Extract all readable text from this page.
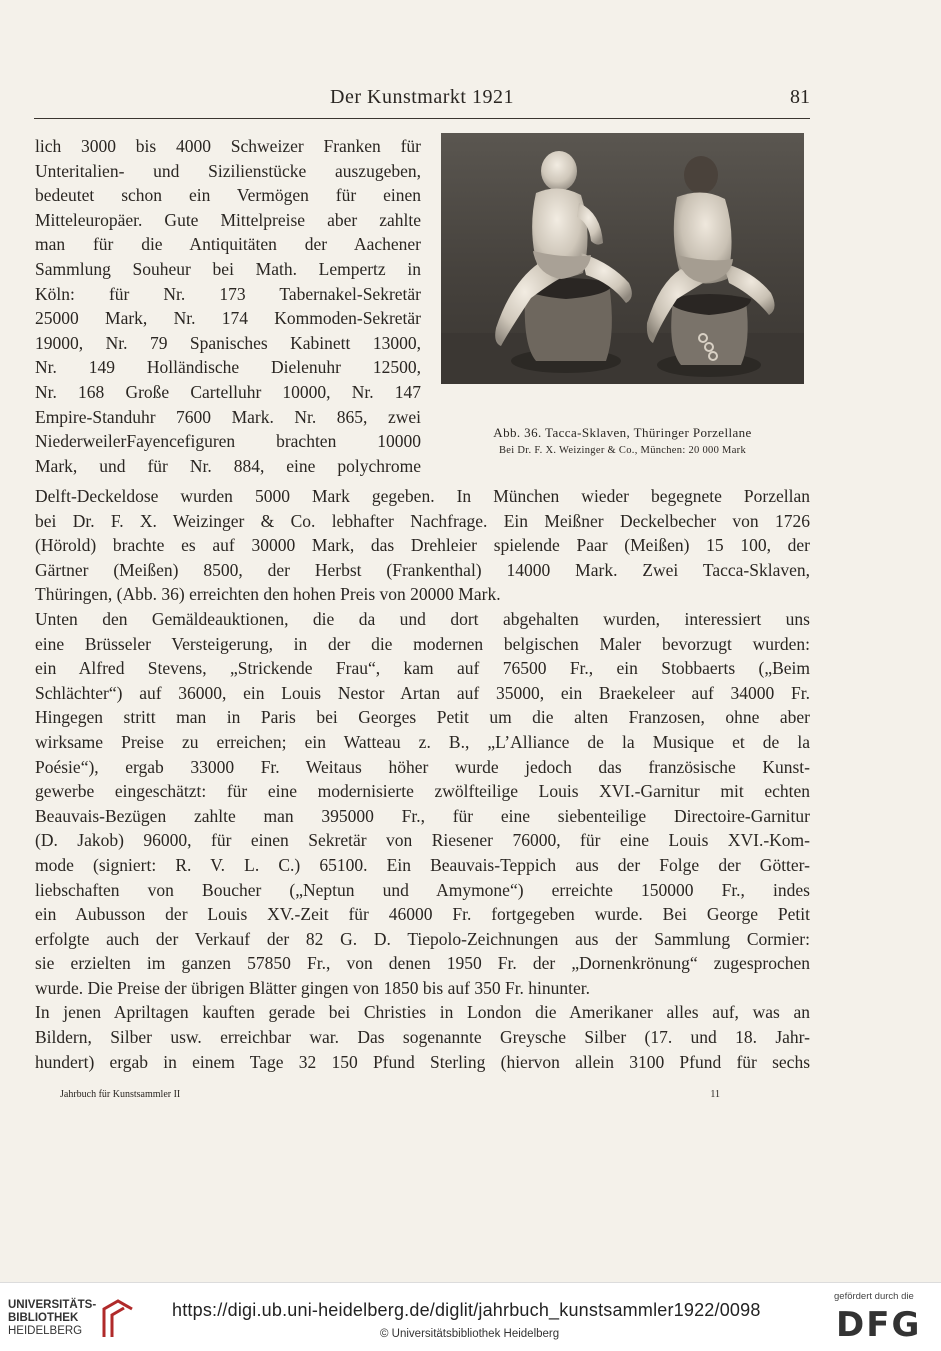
Der Kunstmarkt 1921	81
lich 3000 bis 4000 Schweizer Franken für
Unteritalien- und Sizilienstücke auszugeben,
bedeutet schon ein Vermögen für einen
Mitteleuropäer. Gute Mittelpreise aber zahlte
man für die Antiquitäten der Aachener
Sammlung Souheur bei Math. Lempertz in
Köln: für Nr. 173 Tabernakel-Sekretär
25000 Mark, Nr. 174 Kommoden-Sekretär
19000, Nr. 79 Spanisches Kabinett 13000,
Nr. 149 Holländische Dielenuhr 12500,
Nr. 168 Große Cartelluhr 10000, Nr. 147
Empire-Standuhr 7600 Mark. Nr. 865, zwei
NiederweilerFayencefiguren brachten 10000
Mark, und für Nr. 884, eine polychrome
Abb. 36. Tacca-Sklaven, Thüringer Porzellane
Bei Dr. F. X. Weizinger & Co., München: 20 000 Mark
Delft-Deckeldose wurden 5000 Mark gegeben. In München wieder begegnete Porzellan
bei Dr. F. X. Weizinger & Co. lebhafter Nachfrage. Ein Meißner Deckelbecher von 1726
(Hörold) brachte es auf 30000 Mark, das Drehleier spielende Paar (Meißen) 15 100, der
Gärtner (Meißen) 8500, der Herbst (Frankenthal) 14000 Mark. Zwei Tacca-Sklaven,
Thüringen, (Abb. 36) erreichten den hohen Preis von 20000 Mark.
Unten den Gemäldeauktionen, die da und dort abgehalten wurden, interessiert uns
eine Brüsseler Versteigerung, in der die modernen belgischen Maler bevorzugt wurden:
ein Alfred Stevens, „Strickende Frau“, kam auf 76500 Fr., ein Stobbaerts („Beim
Schlächter“) auf 36000, ein Louis Nestor Artan auf 35000, ein Braekeleer auf 34000 Fr.
Hingegen stritt man in Paris bei Georges Petit um die alten Franzosen, ohne aber
wirksame Preise zu erreichen; ein Watteau z. B., „L’Alliance de la Musique et de la
Poésie“), ergab 33000 Fr. Weitaus höher wurde jedoch das französische Kunst-
gewerbe eingeschätzt: für eine modernisierte zwölfteilige Louis XVI.-Garnitur mit echten
Beauvais-Bezügen zahlte man 395000 Fr., für eine siebenteilige Directoire-Garnitur
(D. Jakob) 96000, für einen Sekretär von Riesener 76000, für eine Louis XVI.-Kom-
mode (signiert: R. V. L. C.) 65100. Ein Beauvais-Teppich aus der Folge der Götter-
liebschaften von Boucher („Neptun und Amymone“) erreichte 150000 Fr., indes
ein Aubusson der Louis XV.-Zeit für 46000 Fr. fortgegeben wurde. Bei George Petit
erfolgte auch der Verkauf der 82 G. D. Tiepolo-Zeichnungen aus der Sammlung Cormier:
sie erzielten im ganzen 57850 Fr., von denen 1950 Fr. der „Dornenkrönung“ zugesprochen
wurde. Die Preise der übrigen Blätter gingen von 1850 bis auf 350 Fr. hinunter.
In jenen Apriltagen kauften gerade bei Christies in London die Amerikaner alles auf, was an
Bildern, Silber usw. erreichbar war. Das sogenannte Greysche Silber (17. und 18. Jahr-
hundert) ergab in einem Tage 32 150 Pfund Sterling (hiervon allein 3100 Pfund für sechs
Jahrbuch für Kunstsammler II	11
UNIVERSITÄTS-
BIBLIOTHEK
HEIDELBERG
https://digi.ub.uni-heidelberg.de/diglit/jahrbuch_kunstsammler1922/0098
© Universitätsbibliothek Heidelberg
gefördert durch die
DFG
